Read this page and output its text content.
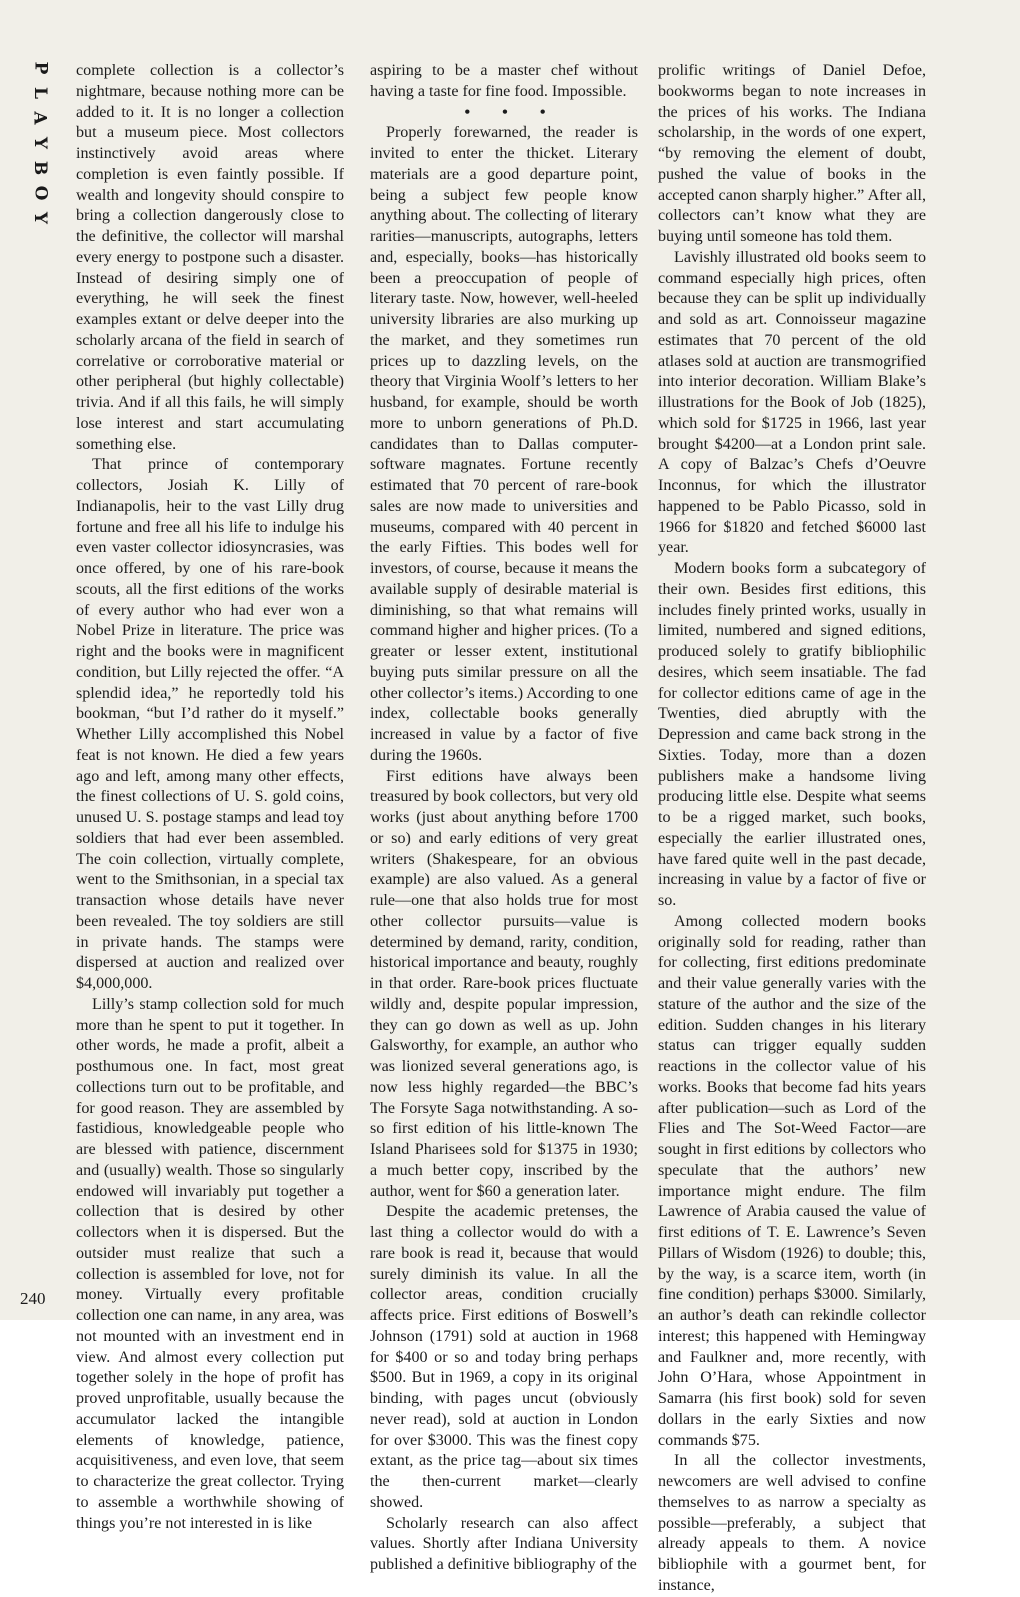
P
L
A
Y
B
O
Y

complete collection is a collector’s nightmare, because nothing more can be added to it. It is no longer a collection but a museum piece. Most collectors instinctively avoid areas where completion is even faintly possible. If wealth and longevity should conspire to bring a collection dangerously close to the definitive, the collector will marshal every energy to postpone such a disaster. Instead of desiring simply one of everything, he will seek the finest examples extant or delve deeper into the scholarly arcana of the field in search of correlative or corroborative material or other peripheral (but highly collectable) trivia. And if all this fails, he will simply lose interest and start accumulating something else.

That prince of contemporary collectors, Josiah K. Lilly of Indianapolis, heir to the vast Lilly drug fortune and free all his life to indulge his even vaster collector idiosyncrasies, was once offered, by one of his rare-book scouts, all the first editions of the works of every author who had ever won a Nobel Prize in literature. The price was right and the books were in magnificent condition, but Lilly rejected the offer. “A splendid idea,” he reportedly told his bookman, “but I’d rather do it myself.” Whether Lilly accomplished this Nobel feat is not known. He died a few years ago and left, among many other effects, the finest collections of U. S. gold coins, unused U. S. postage stamps and lead toy soldiers that had ever been assembled. The coin collection, virtually complete, went to the Smithsonian, in a special tax transaction whose details have never been revealed. The toy soldiers are still in private hands. The stamps were dispersed at auction and realized over $4,000,000.

Lilly’s stamp collection sold for much more than he spent to put it together. In other words, he made a profit, albeit a posthumous one. In fact, most great collections turn out to be profitable, and for good reason. They are assembled by fastidious, knowledgeable people who are blessed with patience, discernment and (usually) wealth. Those so singularly endowed will invariably put together a collection that is desired by other collectors when it is dispersed. But the outsider must realize that such a collection is assembled for love, not for money. Virtually every profitable collection one can name, in any area, was not mounted with an investment end in view. And almost every collection put together solely in the hope of profit has proved unprofitable, usually because the accumulator lacked the intangible elements of knowledge, patience, acquisitiveness, and even love, that seem to characterize the great collector. Trying to assemble a worthwhile showing of things you’re not interested in is like

aspiring to be a master chef without having a taste for fine food. Impossible.

• • •

Properly forewarned, the reader is invited to enter the thicket. Literary materials are a good departure point, being a subject few people know anything about. The collecting of literary rarities—manuscripts, autographs, letters and, especially, books—has historically been a preoccupation of people of literary taste. Now, however, well-heeled university libraries are also murking up the market, and they sometimes run prices up to dazzling levels, on the theory that Virginia Woolf’s letters to her husband, for example, should be worth more to unborn generations of Ph.D. candidates than to Dallas computer-software magnates. Fortune recently estimated that 70 percent of rare-book sales are now made to universities and museums, compared with 40 percent in the early Fifties. This bodes well for investors, of course, because it means the available supply of desirable material is diminishing, so that what remains will command higher and higher prices. (To a greater or lesser extent, institutional buying puts similar pressure on all the other collector’s items.) According to one index, collectable books generally increased in value by a factor of five during the 1960s.

First editions have always been treasured by book collectors, but very old works (just about anything before 1700 or so) and early editions of very great writers (Shakespeare, for an obvious example) are also valued. As a general rule—one that also holds true for most other collector pursuits—value is determined by demand, rarity, condition, historical importance and beauty, roughly in that order. Rare-book prices fluctuate wildly and, despite popular impression, they can go down as well as up. John Galsworthy, for example, an author who was lionized several generations ago, is now less highly regarded—the BBC’s The Forsyte Saga notwithstanding. A so-so first edition of his little-known The Island Pharisees sold for $1375 in 1930; a much better copy, inscribed by the author, went for $60 a generation later.

Despite the academic pretenses, the last thing a collector would do with a rare book is read it, because that would surely diminish its value. In all the collector areas, condition crucially affects price. First editions of Boswell’s Johnson (1791) sold at auction in 1968 for $400 or so and today bring perhaps $500. But in 1969, a copy in its original binding, with pages uncut (obviously never read), sold at auction in London for over $3000. This was the finest copy extant, as the price tag—about six times the then-current market—clearly showed.

Scholarly research can also affect values. Shortly after Indiana University published a definitive bibliography of the

prolific writings of Daniel Defoe, bookworms began to note increases in the prices of his works. The Indiana scholarship, in the words of one expert, “by removing the element of doubt, pushed the value of books in the accepted canon sharply higher.” After all, collectors can’t know what they are buying until someone has told them.

Lavishly illustrated old books seem to command especially high prices, often because they can be split up individually and sold as art. Connoisseur magazine estimates that 70 percent of the old atlases sold at auction are transmogrified into interior decoration. William Blake’s illustrations for the Book of Job (1825), which sold for $1725 in 1966, last year brought $4200—at a London print sale. A copy of Balzac’s Chefs d’Oeuvre Inconnus, for which the illustrator happened to be Pablo Picasso, sold in 1966 for $1820 and fetched $6000 last year.

Modern books form a subcategory of their own. Besides first editions, this includes finely printed works, usually in limited, numbered and signed editions, produced solely to gratify bibliophilic desires, which seem insatiable. The fad for collector editions came of age in the Twenties, died abruptly with the Depression and came back strong in the Sixties. Today, more than a dozen publishers make a handsome living producing little else. Despite what seems to be a rigged market, such books, especially the earlier illustrated ones, have fared quite well in the past decade, increasing in value by a factor of five or so.

Among collected modern books originally sold for reading, rather than for collecting, first editions predominate and their value generally varies with the stature of the author and the size of the edition. Sudden changes in his literary status can trigger equally sudden reactions in the collector value of his works. Books that become fad hits years after publication—such as Lord of the Flies and The Sot-Weed Factor—are sought in first editions by collectors who speculate that the authors’ new importance might endure. The film Lawrence of Arabia caused the value of first editions of T. E. Lawrence’s Seven Pillars of Wisdom (1926) to double; this, by the way, is a scarce item, worth (in fine condition) perhaps $3000. Similarly, an author’s death can rekindle collector interest; this happened with Hemingway and Faulkner and, more recently, with John O’Hara, whose Appointment in Samarra (his first book) sold for seven dollars in the early Sixties and now commands $75.

In all the collector investments, newcomers are well advised to confine themselves to as narrow a specialty as possible—preferably, a subject that already appeals to them. A novice bibliophile with a gourmet bent, for instance,

240
